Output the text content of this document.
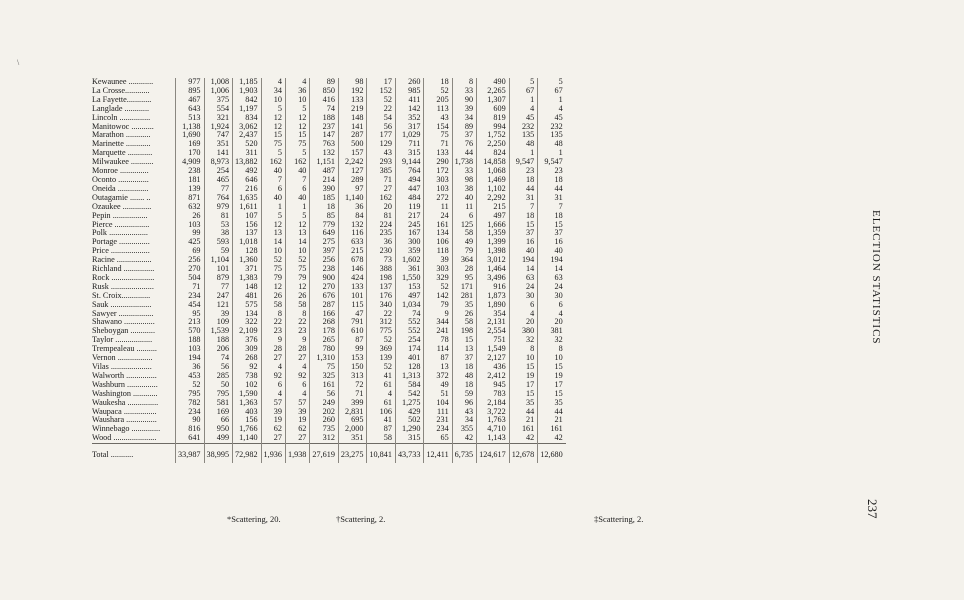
\
Kewaunee ............	977	1,008	1,185	4	4	89	98	17	260	18	8	490	5	5
La Crosse............	895	1,006	1,903	34	36	850	192	152	985	52	33	2,265	67	67
La Fayette............	467	375	842	10	10	416	133	52	411	205	90	1,307	1	1
Langlade ............	643	554	1,197	5	5	74	219	22	142	113	39	609	4	4
Lincoln ...............	513	321	834	12	12	188	148	54	352	43	34	819	45	45
Manitowoc ...........	1,138	1,924	3,062	12	12	237	141	56	317	154	89	994	232	232
Marathon ............	1,690	747	2,437	15	15	147	287	177	1,029	75	37	1,752	135	135
Marinette ............	169	351	520	75	75	763	500	129	711	71	76	2,250	48	48
Marquette ............	170	141	311	5	5	132	157	43	315	133	44	824	1	1
Milwaukee ...........	4,909	8,973	13,882	162	162	1,151	2,242	293	9,144	290	1,738	14,858	9,547	9,547
Monroe ..............	238	254	492	40	40	487	127	385	764	172	33	1,068	23	23
Oconto ...............	181	465	646	7	7	214	289	71	494	303	98	1,469	18	18
Oneida ...............	139	77	216	6	6	390	97	27	447	103	38	1,102	44	44
Outagamie ....... ..	871	764	1,635	40	40	185	1,140	162	484	272	40	2,292	31	31
Ozaukee ..............	632	979	1,611	1	1	18	36	20	119	11	11	215	7	7
Pepin .................	26	81	107	5	5	85	84	81	217	24	6	497	18	18
Pierce .................	103	53	156	12	12	779	132	224	245	161	125	1,666	15	15
Polk ...................	99	38	137	13	13	649	116	235	167	134	58	1,359	37	37
Portage ...............	425	593	1,018	14	14	275	633	36	300	106	49	1,399	16	16
Price ...................	69	59	128	10	10	397	215	230	359	118	79	1,398	40	40
Racine .................	256	1,104	1,360	52	52	256	678	73	1,602	39	364	3,012	194	194
Richland ...............	270	101	371	75	75	238	146	388	361	303	28	1,464	14	14
Rock .....................	504	879	1,383	79	79	900	424	198	1,550	329	95	3,496	63	63
Rusk .....................	71	77	148	12	12	270	133	137	153	52	171	916	24	24
St. Croix..............	234	247	481	26	26	676	101	176	497	142	281	1,873	30	30
Sauk ....................	454	121	575	58	58	287	115	340	1,034	79	35	1,890	6	6
Sawyer .................	95	39	134	8	8	166	47	22	74	9	26	354	4	4
Shawano ...............	213	109	322	22	22	268	791	312	552	344	58	2,131	20	20
Sheboygan ............	570	1,539	2,109	23	23	178	610	775	552	241	198	2,554	380	381
Taylor ..................	188	188	376	9	9	265	87	52	254	78	15	751	32	32
Trempealeau ..........	103	206	309	28	28	780	99	369	174	114	13	1,549	8	8
Vernon .................	194	74	268	27	27	1,310	153	139	401	87	37	2,127	10	10
Vilas ....................	36	56	92	4	4	75	150	52	128	13	18	436	15	15
Walworth ...............	453	285	738	92	92	325	313	41	1,313	372	48	2,412	19	19
Washburn ...............	52	50	102	6	6	161	72	61	584	49	18	945	17	17
Washington ............	795	795	1,590	4	4	56	71	4	542	51	59	783	15	15
Waukesha ...............	782	581	1,363	57	57	249	399	61	1,275	104	96	2,184	35	35
Waupaca ................	234	169	403	39	39	202	2,831	106	429	111	43	3,722	44	44
Waushara ...............	90	66	156	19	19	260	695	41	502	231	34	1,763	21	21
Winnebago ..............	816	950	1,766	62	62	735	2,000	87	1,290	234	355	4,710	161	161
Wood .....................	641	499	1,140	27	27	312	351	58	315	65	42	1,143	42	42
Total ...........	33,987	38,995	72,982	1,936	1,938	27,619	23,275	10,841	43,733	12,411	6,735	124,617	12,678	12,680
*Scattering, 20.	†Scattering, 2.	‡Scattering, 2.
ELECTION STATISTICS
237
